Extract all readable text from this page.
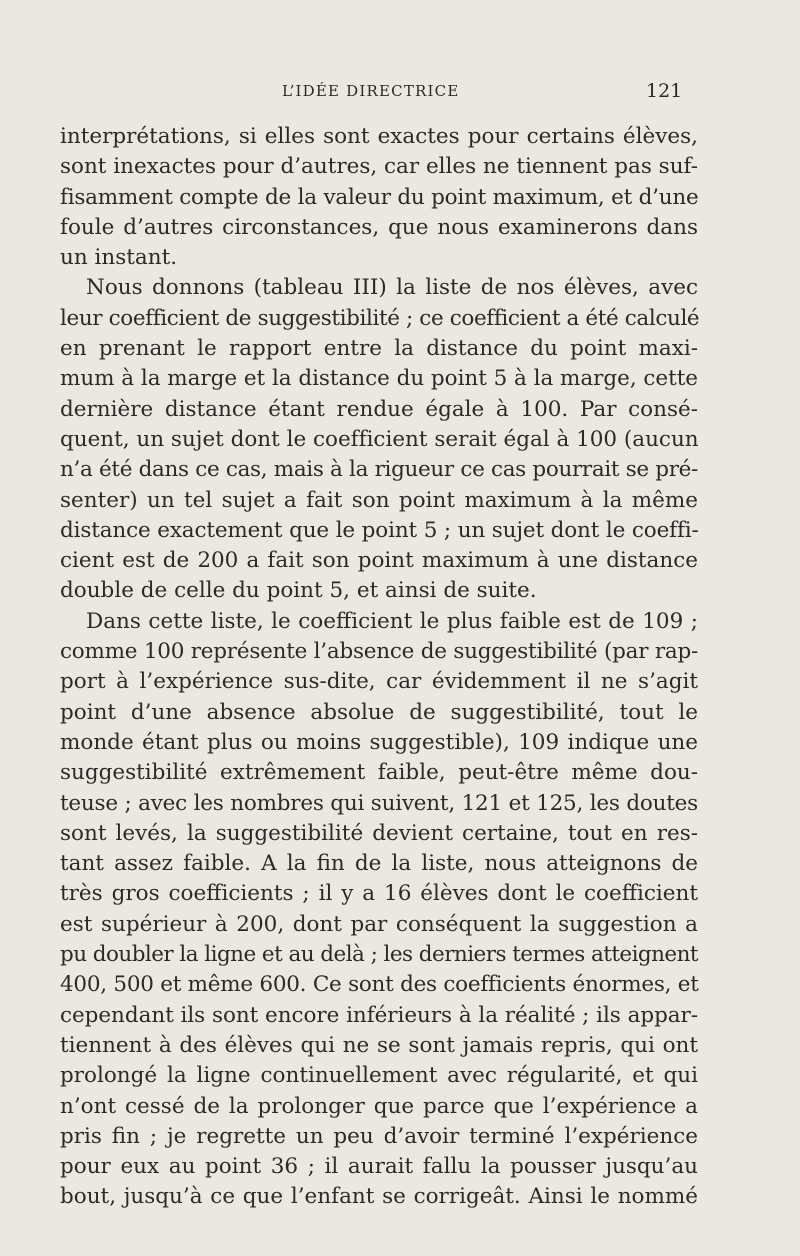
L’IDÉE DIRECTRICE	121
interprétations, si elles sont exactes pour certains élèves,
sont inexactes pour d’autres, car elles ne tiennent pas suf-
fisamment compte de la valeur du point maximum, et d’une
foule d’autres circonstances, que nous examinerons dans
un instant.
Nous donnons (tableau III) la liste de nos élèves, avec
leur coefficient de suggestibilité ; ce coefficient a été calculé
en prenant le rapport entre la distance du point maxi-
mum à la marge et la distance du point 5 à la marge, cette
dernière distance étant rendue égale à 100. Par consé-
quent, un sujet dont le coefficient serait égal à 100 (aucun
n’a été dans ce cas, mais à la rigueur ce cas pourrait se pré-
senter) un tel sujet a fait son point maximum à la même
distance exactement que le point 5 ; un sujet dont le coeffi-
cient est de 200 a fait son point maximum à une distance
double de celle du point 5, et ainsi de suite.
Dans cette liste, le coefficient le plus faible est de 109 ;
comme 100 représente l’absence de suggestibilité (par rap-
port à l’expérience sus-dite, car évidemment il ne s’agit
point d’une absence absolue de suggestibilité, tout le
monde étant plus ou moins suggestible), 109 indique une
suggestibilité extrêmement faible, peut-être même dou-
teuse ; avec les nombres qui suivent, 121 et 125, les doutes
sont levés, la suggestibilité devient certaine, tout en res-
tant assez faible. A la fin de la liste, nous atteignons de
très gros coefficients ; il y a 16 élèves dont le coefficient
est supérieur à 200, dont par conséquent la suggestion a
pu doubler la ligne et au delà ; les derniers termes atteignent
400, 500 et même 600. Ce sont des coefficients énormes, et
cependant ils sont encore inférieurs à la réalité ; ils appar-
tiennent à des élèves qui ne se sont jamais repris, qui ont
prolongé la ligne continuellement avec régularité, et qui
n’ont cessé de la prolonger que parce que l’expérience a
pris fin ; je regrette un peu d’avoir terminé l’expérience
pour eux au point 36 ; il aurait fallu la pousser jusqu’au
bout, jusqu’à ce que l’enfant se corrigeât. Ainsi le nommé
